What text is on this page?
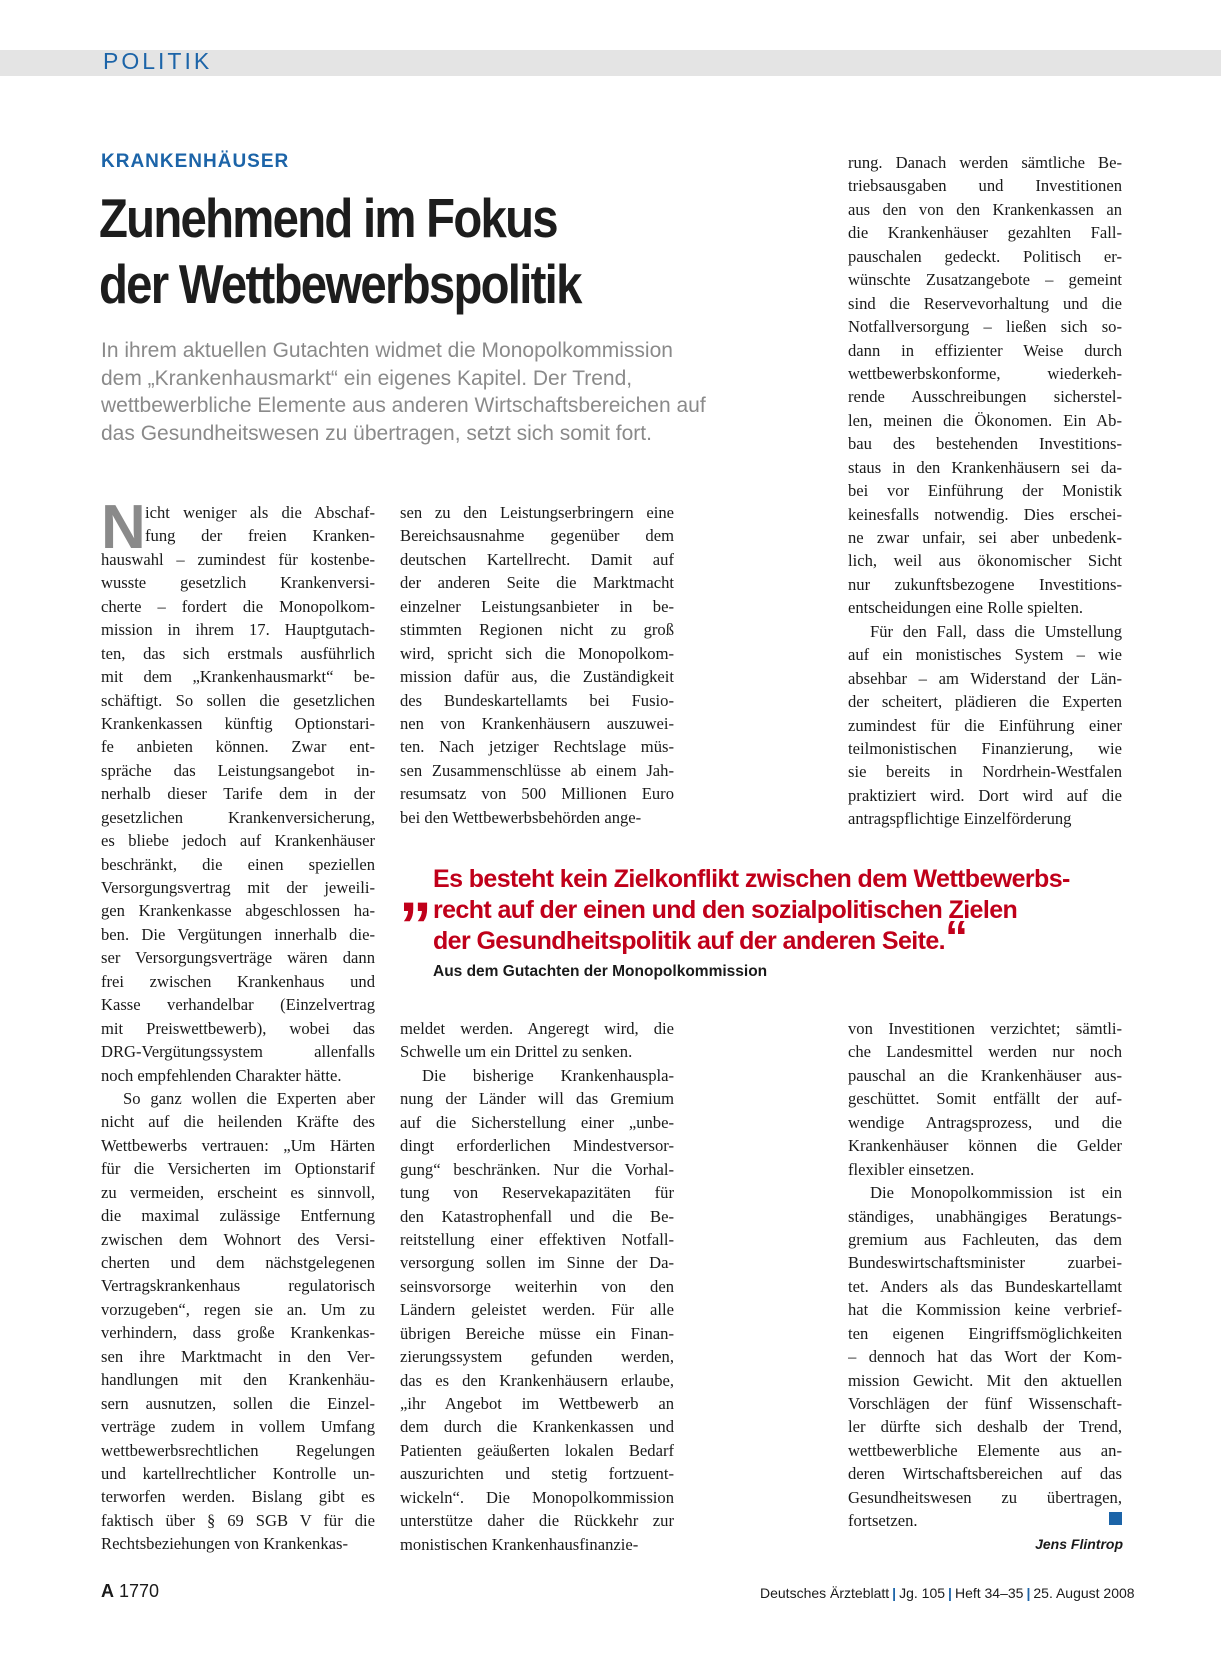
POLITIK
KRANKENHÄUSER
Zunehmend im Fokus
der Wettbewerbspolitik
In ihrem aktuellen Gutachten widmet die Monopolkommission
dem „Krankenhausmarkt“ ein eigenes Kapitel. Der Trend,
wettbewerbliche Elemente aus anderen Wirtschaftsbereichen auf
das Gesundheitswesen zu übertragen, setzt sich somit fort.
N icht weniger als die Abschaf-
fung der freien Kranken-
hauswahl – zumindest für kostenbe-
wusste gesetzlich Krankenversi-
cherte – fordert die Monopolkom-
mission in ihrem 17. Hauptgutach-
ten, das sich erstmals ausführlich
mit dem „Krankenhausmarkt“ be-
schäftigt. So sollen die gesetzlichen
Krankenkassen künftig Optionstari-
fe anbieten können. Zwar ent-
spräche das Leistungsangebot in-
nerhalb dieser Tarife dem in der
gesetzlichen Krankenversicherung,
es bliebe jedoch auf Krankenhäuser
beschränkt, die einen speziellen
Versorgungsvertrag mit der jeweili-
gen Krankenkasse abgeschlossen ha-
ben. Die Vergütungen innerhalb die-
ser Versorgungsverträge wären dann
frei zwischen Krankenhaus und
Kasse verhandelbar (Einzelvertrag
mit Preiswettbewerb), wobei das
DRG-Vergütungssystem allenfalls
noch empfehlenden Charakter hätte.
So ganz wollen die Experten aber
nicht auf die heilenden Kräfte des
Wettbewerbs vertrauen: „Um Härten
für die Versicherten im Optionstarif
zu vermeiden, erscheint es sinnvoll,
die maximal zulässige Entfernung
zwischen dem Wohnort des Versi-
cherten und dem nächstgelegenen
Vertragskrankenhaus regulatorisch
vorzugeben“, regen sie an. Um zu
verhindern, dass große Krankenkas-
sen ihre Marktmacht in den Ver-
handlungen mit den Krankenhäu-
sern ausnutzen, sollen die Einzel-
verträge zudem in vollem Umfang
wettbewerbsrechtlichen Regelungen
und kartellrechtlicher Kontrolle un-
terworfen werden. Bislang gibt es
faktisch über § 69 SGB V für die
Rechtsbeziehungen von Krankenkas-
sen zu den Leistungserbringern eine
Bereichsausnahme gegenüber dem
deutschen Kartellrecht. Damit auf
der anderen Seite die Marktmacht
einzelner Leistungsanbieter in be-
stimmten Regionen nicht zu groß
wird, spricht sich die Monopolkom-
mission dafür aus, die Zuständigkeit
des Bundeskartellamts bei Fusio-
nen von Krankenhäusern auszuwei-
ten. Nach jetziger Rechtslage müs-
sen Zusammenschlüsse ab einem Jah-
resumsatz von 500 Millionen Euro
bei den Wettbewerbsbehörden ange-
meldet werden. Angeregt wird, die
Schwelle um ein Drittel zu senken.
Die bisherige Krankenhauspla-
nung der Länder will das Gremium
auf die Sicherstellung einer „unbe-
dingt erforderlichen Mindestversor-
gung“ beschränken. Nur die Vorhal-
tung von Reservekapazitäten für
den Katastrophenfall und die Be-
reitstellung einer effektiven Notfall-
versorgung sollen im Sinne der Da-
seinsvorsorge weiterhin von den
Ländern geleistet werden. Für alle
übrigen Bereiche müsse ein Finan-
zierungssystem gefunden werden,
das es den Krankenhäusern erlaube,
„ihr Angebot im Wettbewerb an
dem durch die Krankenkassen und
Patienten geäußerten lokalen Bedarf
auszurichten und stetig fortzuent-
wickeln“. Die Monopolkommission
unterstütze daher die Rückkehr zur
monistischen Krankenhausfinanzie-
rung. Danach werden sämtliche Be-
triebsausgaben und Investitionen
aus den von den Krankenkassen an
die Krankenhäuser gezahlten Fall-
pauschalen gedeckt. Politisch er-
wünschte Zusatzangebote – gemeint
sind die Reservevorhaltung und die
Notfallversorgung – ließen sich so-
dann in effizienter Weise durch
wettbewerbskonforme, wiederkeh-
rende Ausschreibungen sicherstel-
len, meinen die Ökonomen. Ein Ab-
bau des bestehenden Investitions-
staus in den Krankenhäusern sei da-
bei vor Einführung der Monistik
keinesfalls notwendig. Dies erschei-
ne zwar unfair, sei aber unbedenk-
lich, weil aus ökonomischer Sicht
nur zukunftsbezogene Investitions-
entscheidungen eine Rolle spielten.
Für den Fall, dass die Umstellung
auf ein monistisches System – wie
absehbar – am Widerstand der Län-
der scheitert, plädieren die Experten
zumindest für die Einführung einer
teilmonistischen Finanzierung, wie
sie bereits in Nordrhein-Westfalen
praktiziert wird. Dort wird auf die
antragspflichtige Einzelförderung
von Investitionen verzichtet; sämtli-
che Landesmittel werden nur noch
pauschal an die Krankenhäuser aus-
geschüttet. Somit entfällt der auf-
wendige Antragsprozess, und die
Krankenhäuser können die Gelder
flexibler einsetzen.
Die Monopolkommission ist ein
ständiges, unabhängiges Beratungs-
gremium aus Fachleuten, das dem
Bundeswirtschaftsminister zuarbei-
tet. Anders als das Bundeskartellamt
hat die Kommission keine verbrief-
ten eigenen Eingriffsmöglichkeiten
– dennoch hat das Wort der Kom-
mission Gewicht. Mit den aktuellen
Vorschlägen der fünf Wissenschaft-
ler dürfte sich deshalb der Trend,
wettbewerbliche Elemente aus an-
deren Wirtschaftsbereichen auf das
Gesundheitswesen zu übertragen,
fortsetzen.
„ Es besteht kein Zielkonflikt zwischen dem Wettbewerbs-
recht auf der einen und den sozialpolitischen Zielen
der Gesundheitspolitik auf der anderen Seite.“
Aus dem Gutachten der Monopolkommission
Jens Flintrop
A 1770	Deutsches Ärzteblatt | Jg. 105 | Heft 34–35 | 25. August 2008
